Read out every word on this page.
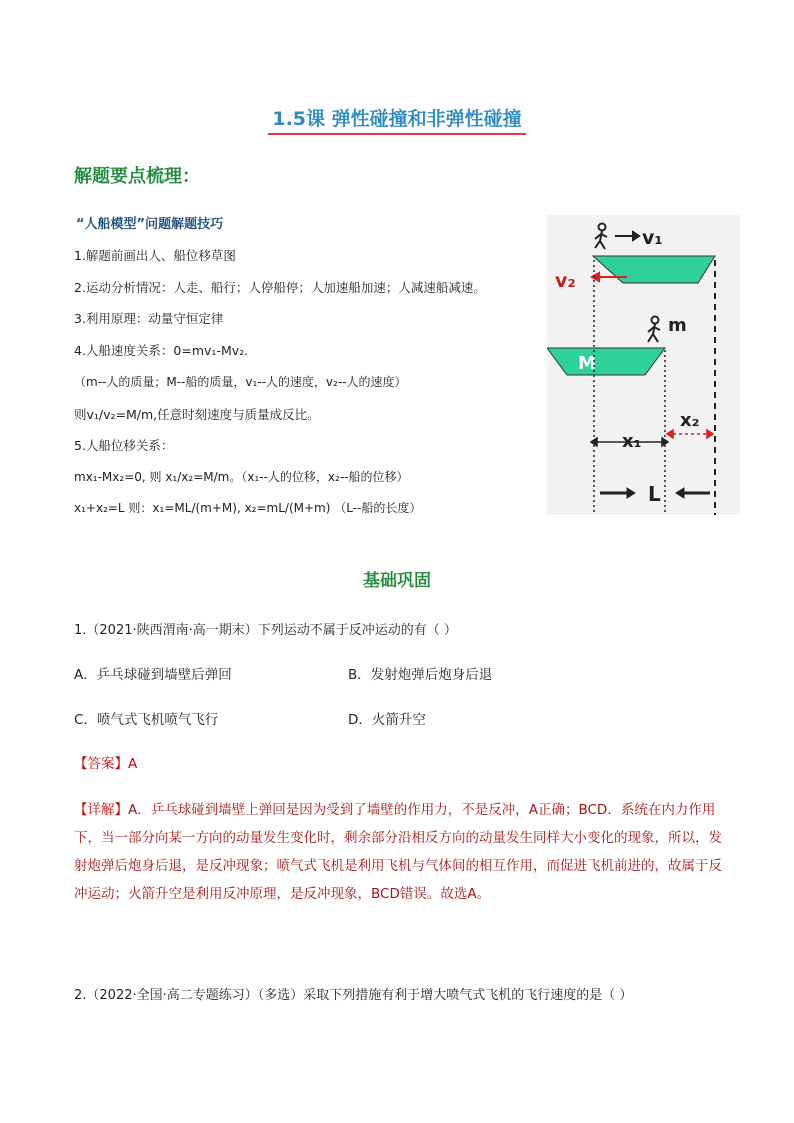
1.5课 弹性碰撞和非弹性碰撞
解题要点梳理：
“人船模型”问题解题技巧
1.解题前画出人、船位移草图
2.运动分析情况：人走、船行；人停船停；人加速船加速；人减速船减速。
3.利用原理：动量守恒定律
4.人船速度关系：0=mv₁-Mv₂.
（m--人的质量；M--船的质量，v₁--人的速度，v₂--人的速度）
则v₁/v₂=M/m,任意时刻速度与质量成反比。
5.人船位移关系：
mx₁-Mx₂=0, 则 x₁/x₂=M/m。（x₁--人的位移，x₂--船的位移）
x₁+x₂=L 则：x₁=ML/(m+M), x₂=mL/(M+m) （L--船的长度）
v₁
v₂
M
m
x₁
x₂
L
基础巩固
1.（2021·陕西渭南·高一期末）下列运动不属于反冲运动的有（ ）
A．乒乓球碰到墙壁后弹回	B．发射炮弹后炮身后退
C．喷气式飞机喷气飞行	D．火箭升空
【答案】A
【详解】A．乒乓球碰到墙壁上弹回是因为受到了墙壁的作用力，不是反冲，A正确；BCD．系统在内力作用下，当一部分向某一方向的动量发生变化时，剩余部分沿相反方向的动量发生同样大小变化的现象，所以，发射炮弹后炮身后退，是反冲现象；喷气式飞机是利用飞机与气体间的相互作用，而促进飞机前进的，故属于反冲运动；火箭升空是利用反冲原理，是反冲现象，BCD错误。故选A。
2.（2022·全国·高二专题练习）（多选）采取下列措施有利于增大喷气式飞机的飞行速度的是（ ）
